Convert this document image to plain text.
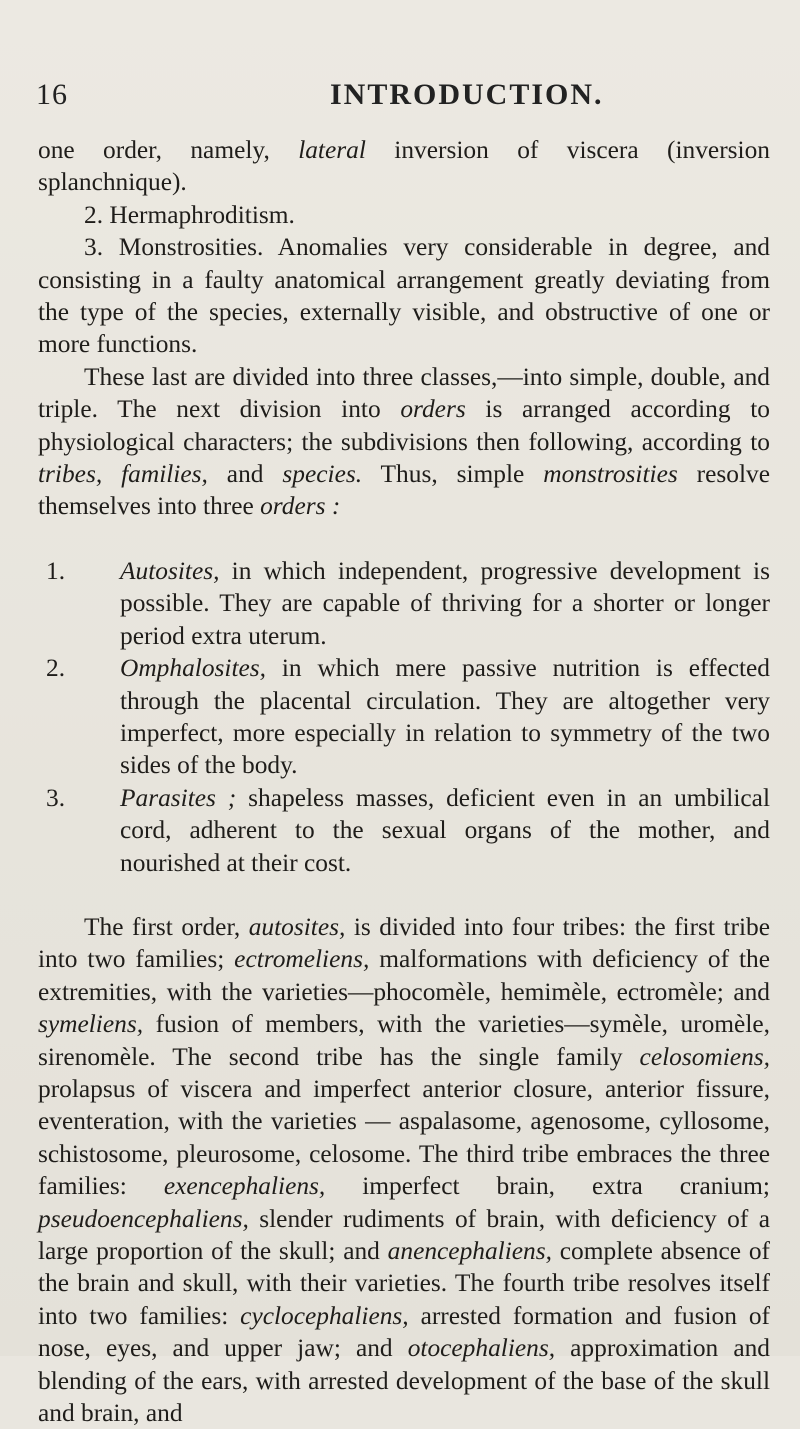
16	INTRODUCTION.

one order, namely, lateral inversion of viscera (inversion splanchnique).

2. Hermaphroditism.

3. Monstrosities. Anomalies very considerable in degree, and consisting in a faulty anatomical arrangement greatly deviating from the type of the species, externally visible, and obstructive of one or more functions.

These last are divided into three classes,—into simple, double, and triple. The next division into orders is arranged according to physiological characters; the subdivisions then following, according to tribes, families, and species. Thus, simple monstrosities resolve themselves into three orders :

1.	Autosites, in which independent, progressive development is possible. They are capable of thriving for a shorter or longer period extra uterum.
2.	Omphalosites, in which mere passive nutrition is effected through the placental circulation. They are altogether very imperfect, more especially in relation to symmetry of the two sides of the body.
3.	Parasites ; shapeless masses, deficient even in an umbilical cord, adherent to the sexual organs of the mother, and nourished at their cost.

The first order, autosites, is divided into four tribes: the first tribe into two families; ectromeliens, malformations with deficiency of the extremities, with the varieties—phocomèle, hemimèle, ectromèle; and symeliens, fusion of members, with the varieties—symèle, uromèle, sirenomèle. The second tribe has the single family celosomiens, prolapsus of viscera and imperfect anterior closure, anterior fissure, eventeration, with the varieties — aspalasome, agenosome, cyllosome, schistosome, pleurosome, celosome. The third tribe embraces the three families: exencephaliens, imperfect brain, extra cranium; pseudoencephaliens, slender rudiments of brain, with deficiency of a large proportion of the skull; and anencephaliens, complete absence of the brain and skull, with their varieties. The fourth tribe resolves itself into two families: cyclocephaliens, arrested formation and fusion of nose, eyes, and upper jaw; and otocephaliens, approximation and blending of the ears, with arrested development of the base of the skull and brain, and
